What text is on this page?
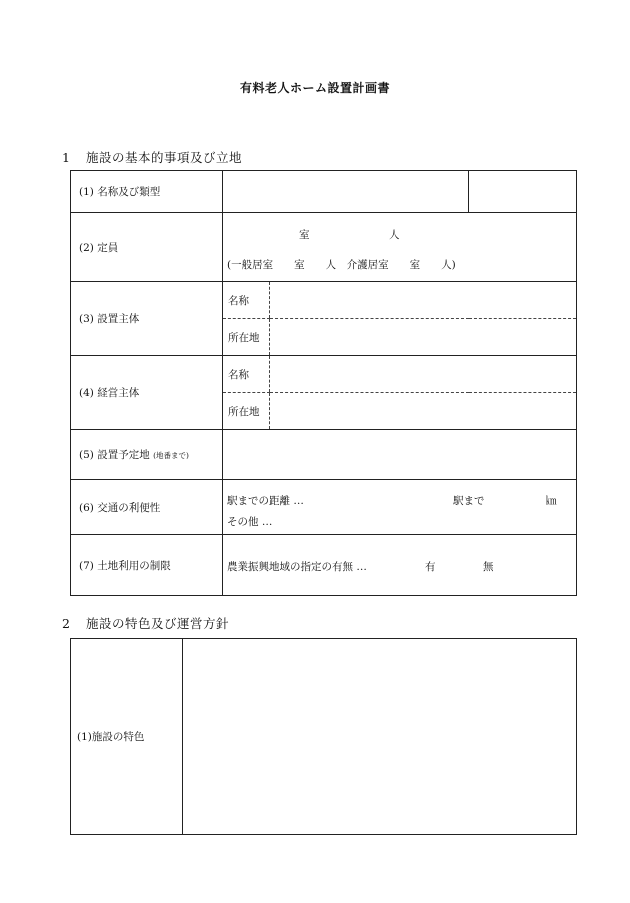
有料老人ホーム設置計画書
1 施設の基本的事項及び立地
(1) 名称及び類型			
(2) 定員	室 人
(一般居室　　室　　人　介護居室　　室　　人)		

(3) 設置主体	名称		
	所在地		
(4) 経営主体	名称		
	所在地		
(5) 設置予定地 (地番まで)			
(6) 交通の利便性	駅までの距離 … 駅まで ㎞
その他 …		

(7) 土地利用の制限	農業振興地域の指定の有無 … 有 無		
2 施設の特色及び運営方針
(1)施設の特色	
